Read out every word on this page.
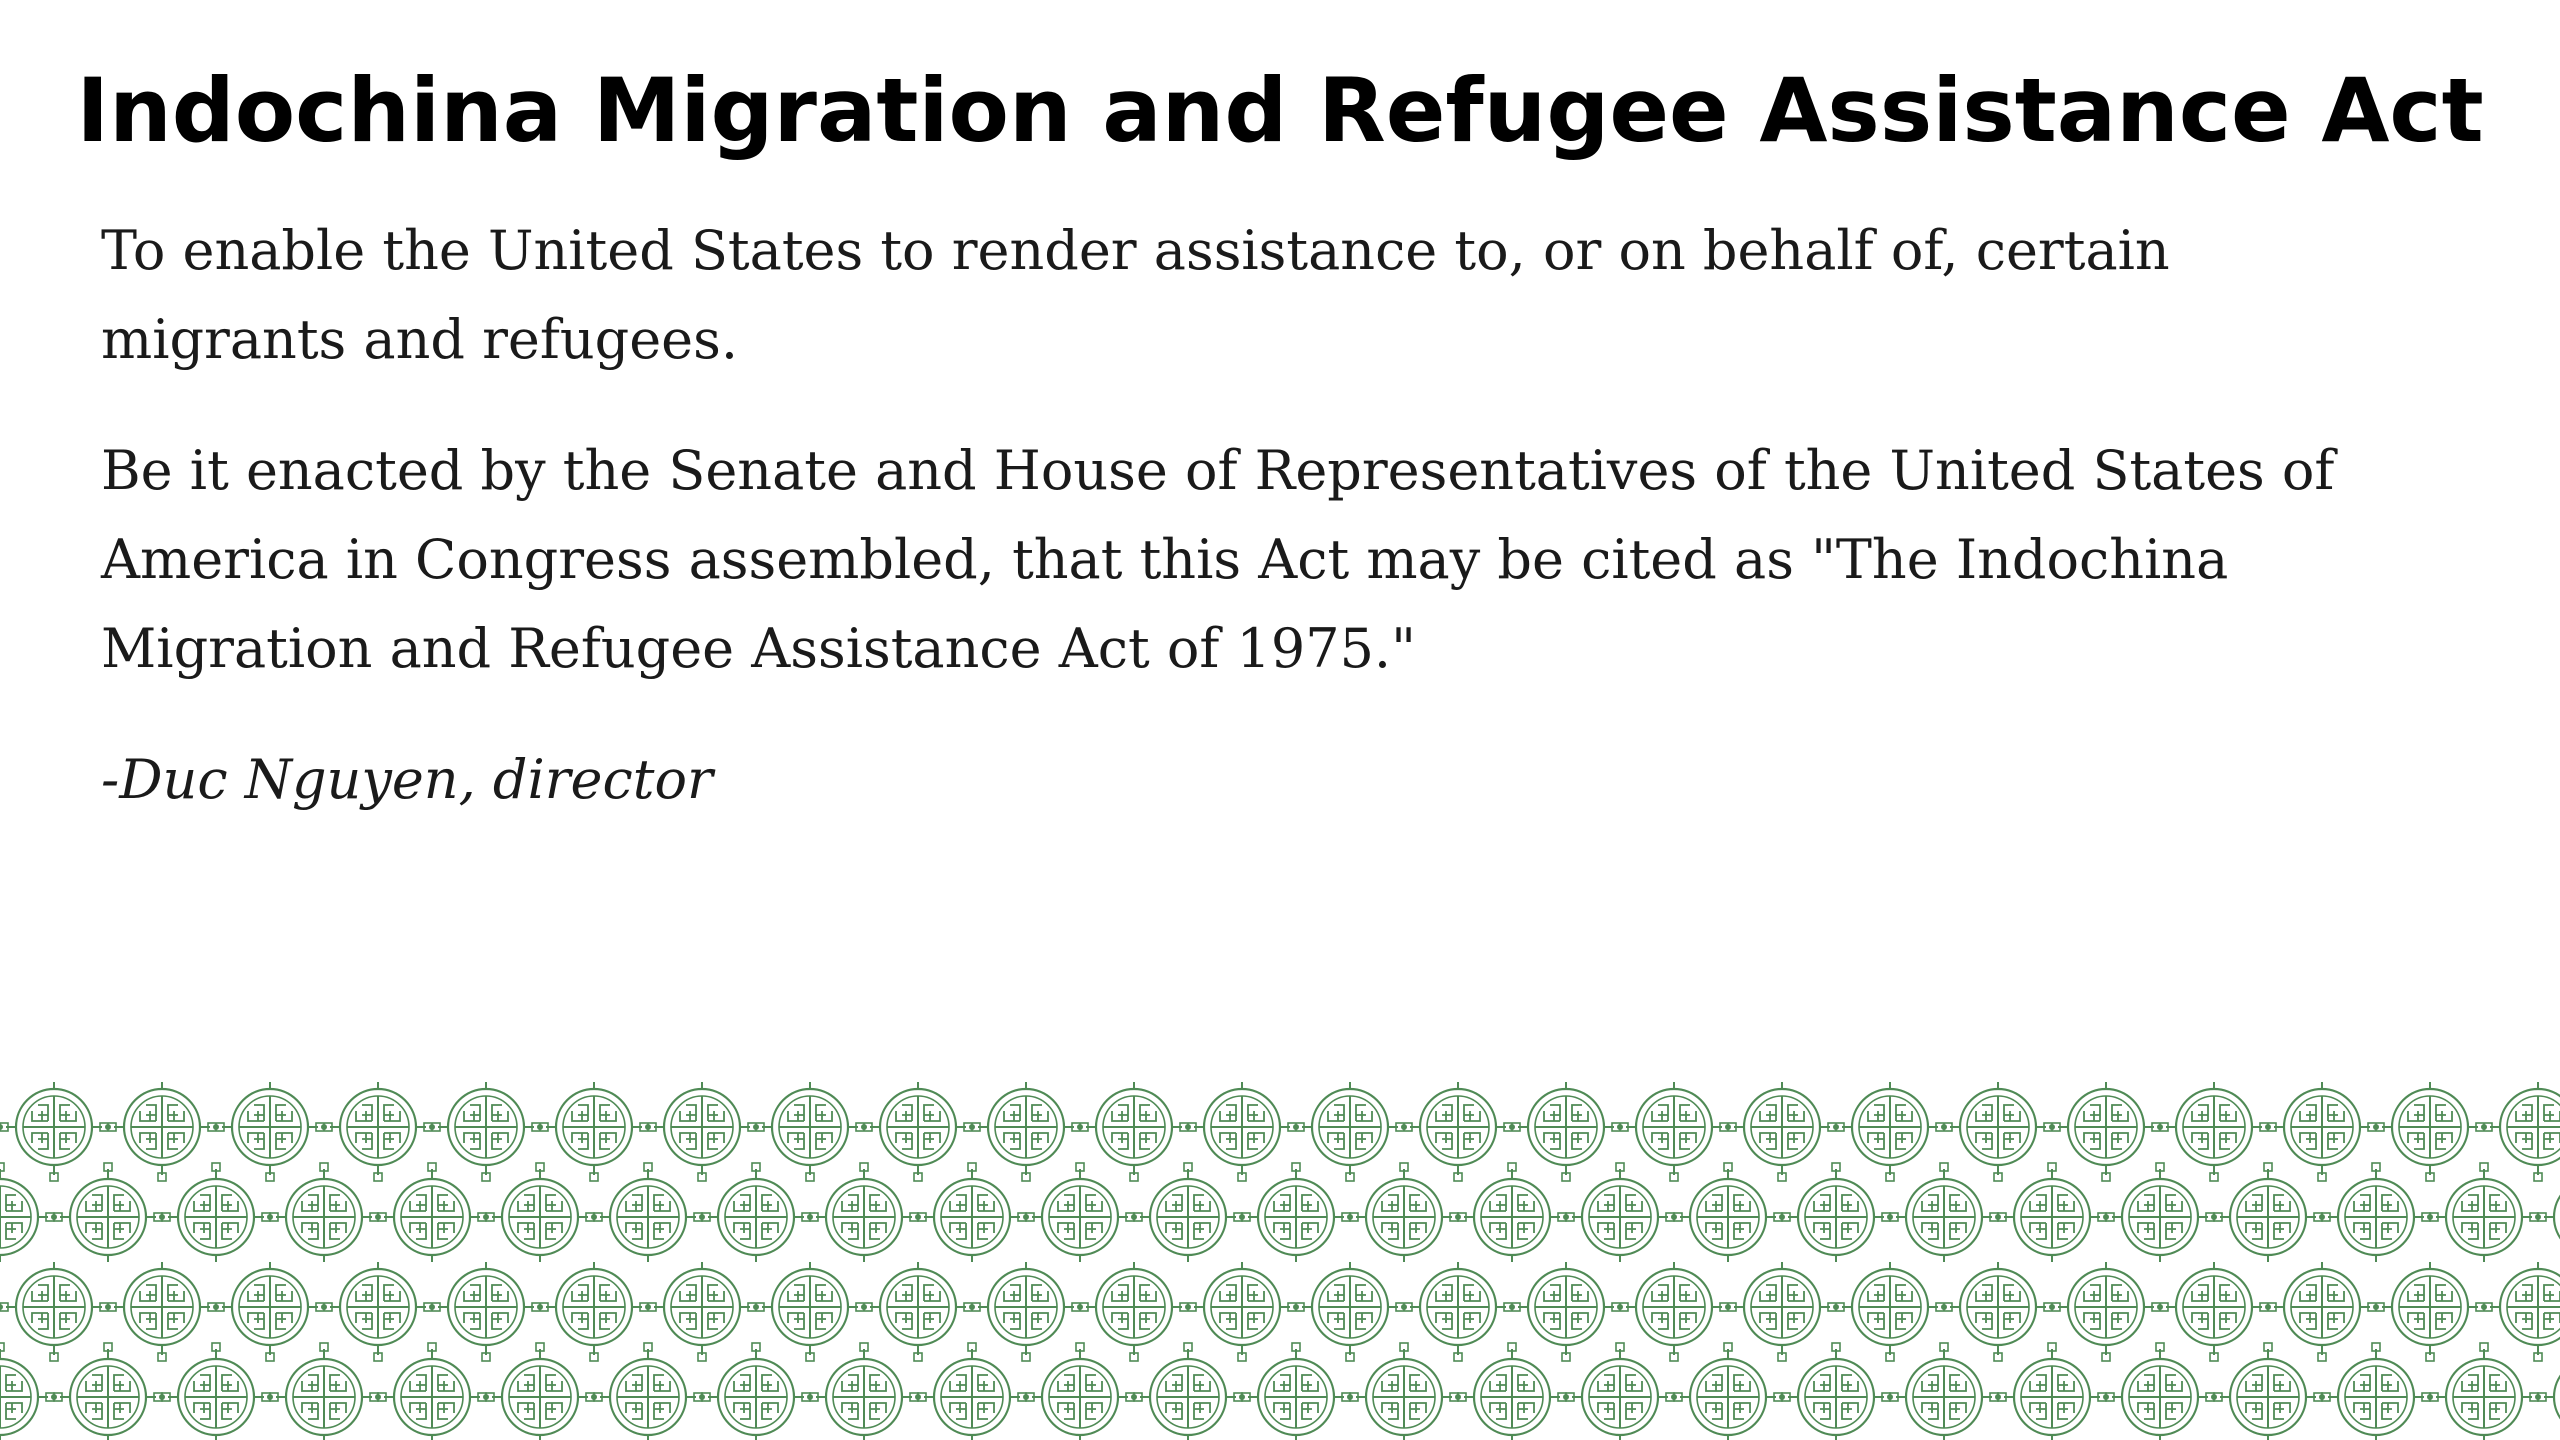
Indochina Migration and Refugee Assistance Act

To enable the United States to render assistance to, or on behalf of, certain migrants and refugees.

Be it enacted by the Senate and House of Representatives of the United States of America in Congress assembled, that this Act may be cited as "The Indochina Migration and Refugee Assistance Act of 1975."

-Duc Nguyen, director
